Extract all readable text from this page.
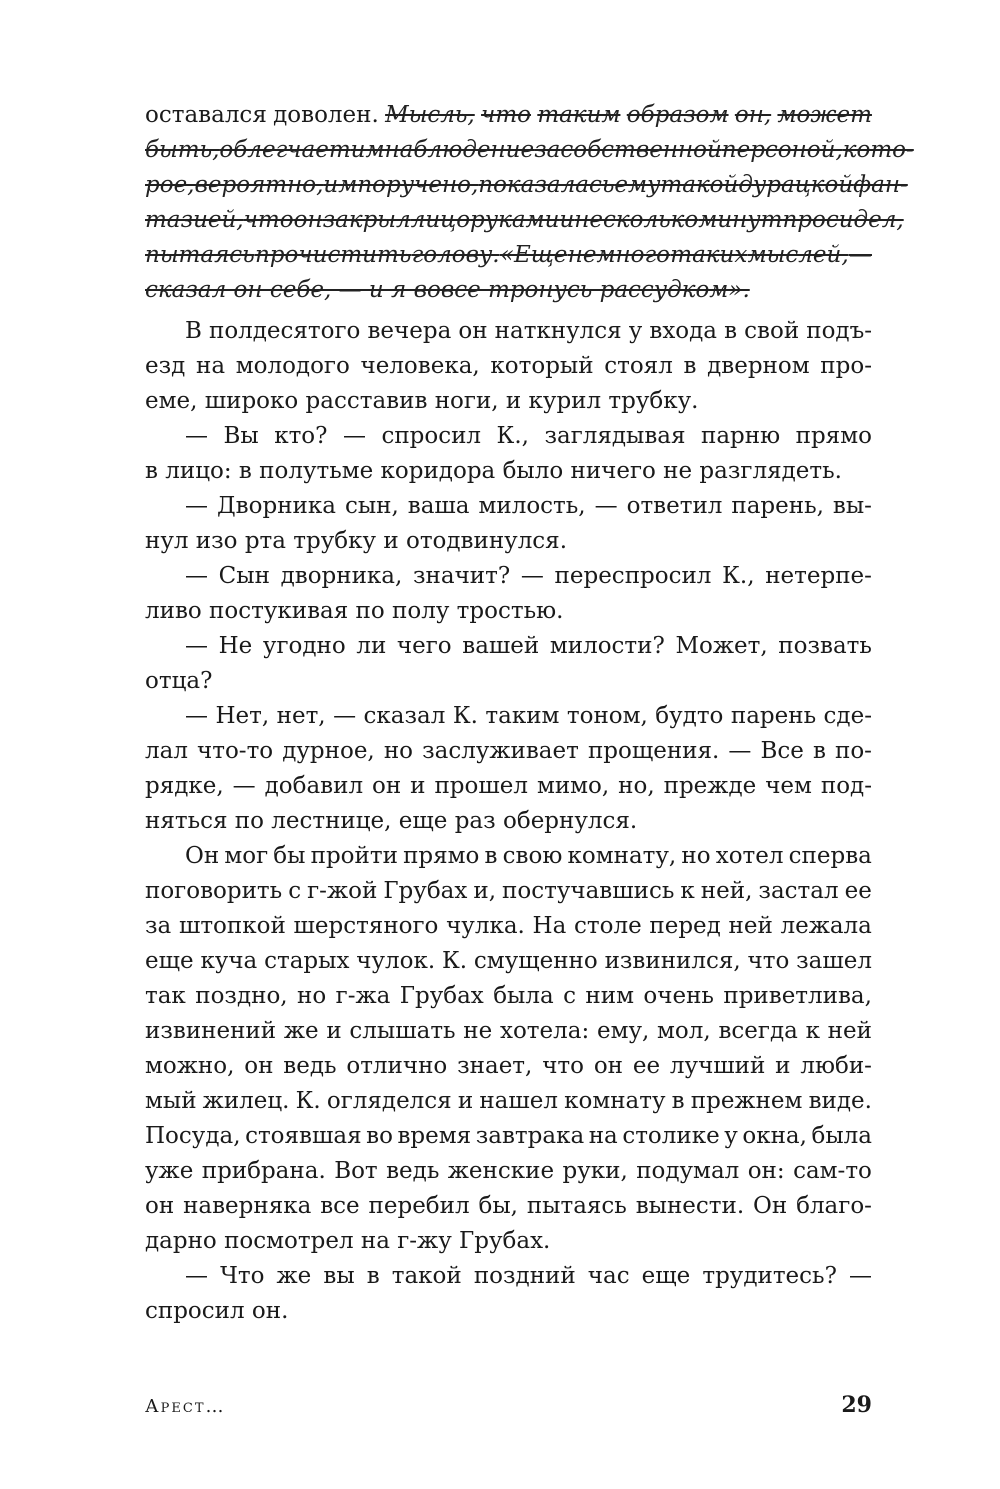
оставался доволен. Мысль, что таким образом он, может
быть, облегчает им наблюдение за собственной персоной, кото-
рое, вероятно, им поручено, показалась ему такой дурацкой фан-
тазией, что он закрыл лицо руками и несколько минут просидел,
пытаясь прочистить голову. «Еще немного таких мыслей, —
сказал он себе, — и я вовсе тронусь рассудком».
В полдесятого вечера он наткнулся у входа в свой подъ-
езд на молодого человека, который стоял в дверном про-
еме, широко расставив ноги, и курил трубку.
— Вы кто? — спросил К., заглядывая парню прямо
в лицо: в полутьме коридора было ничего не разглядеть.
— Дворника сын, ваша милость, — ответил парень, вы-
нул изо рта трубку и отодвинулся.
— Сын дворника, значит? — переспросил К., нетерпе-
ливо постукивая по полу тростью.
— Не угодно ли чего вашей милости? Может, позвать
отца?
— Нет, нет, — сказал К. таким тоном, будто парень сде-
лал что-то дурное, но заслуживает прощения. — Все в по-
рядке, — добавил он и прошел мимо, но, прежде чем под-
няться по лестнице, еще раз обернулся.
Он мог бы пройти прямо в свою комнату, но хотел сперва
поговорить с г-жой Грубах и, постучавшись к ней, застал ее
за штопкой шерстяного чулка. На столе перед ней лежала
еще куча старых чулок. К. смущенно извинился, что зашел
так поздно, но г-жа Грубах была с ним очень приветлива,
извинений же и слышать не хотела: ему, мол, всегда к ней
можно, он ведь отлично знает, что он ее лучший и люби-
мый жилец. К. огляделся и нашел комнату в прежнем виде.
Посуда, стоявшая во время завтрака на столике у окна, была
уже прибрана. Вот ведь женские руки, подумал он: сам-то
он наверняка все перебил бы, пытаясь вынести. Он благо-
дарно посмотрел на г-жу Грубах.
— Что же вы в такой поздний час еще трудитесь? —
спросил он.
Арест…	29
